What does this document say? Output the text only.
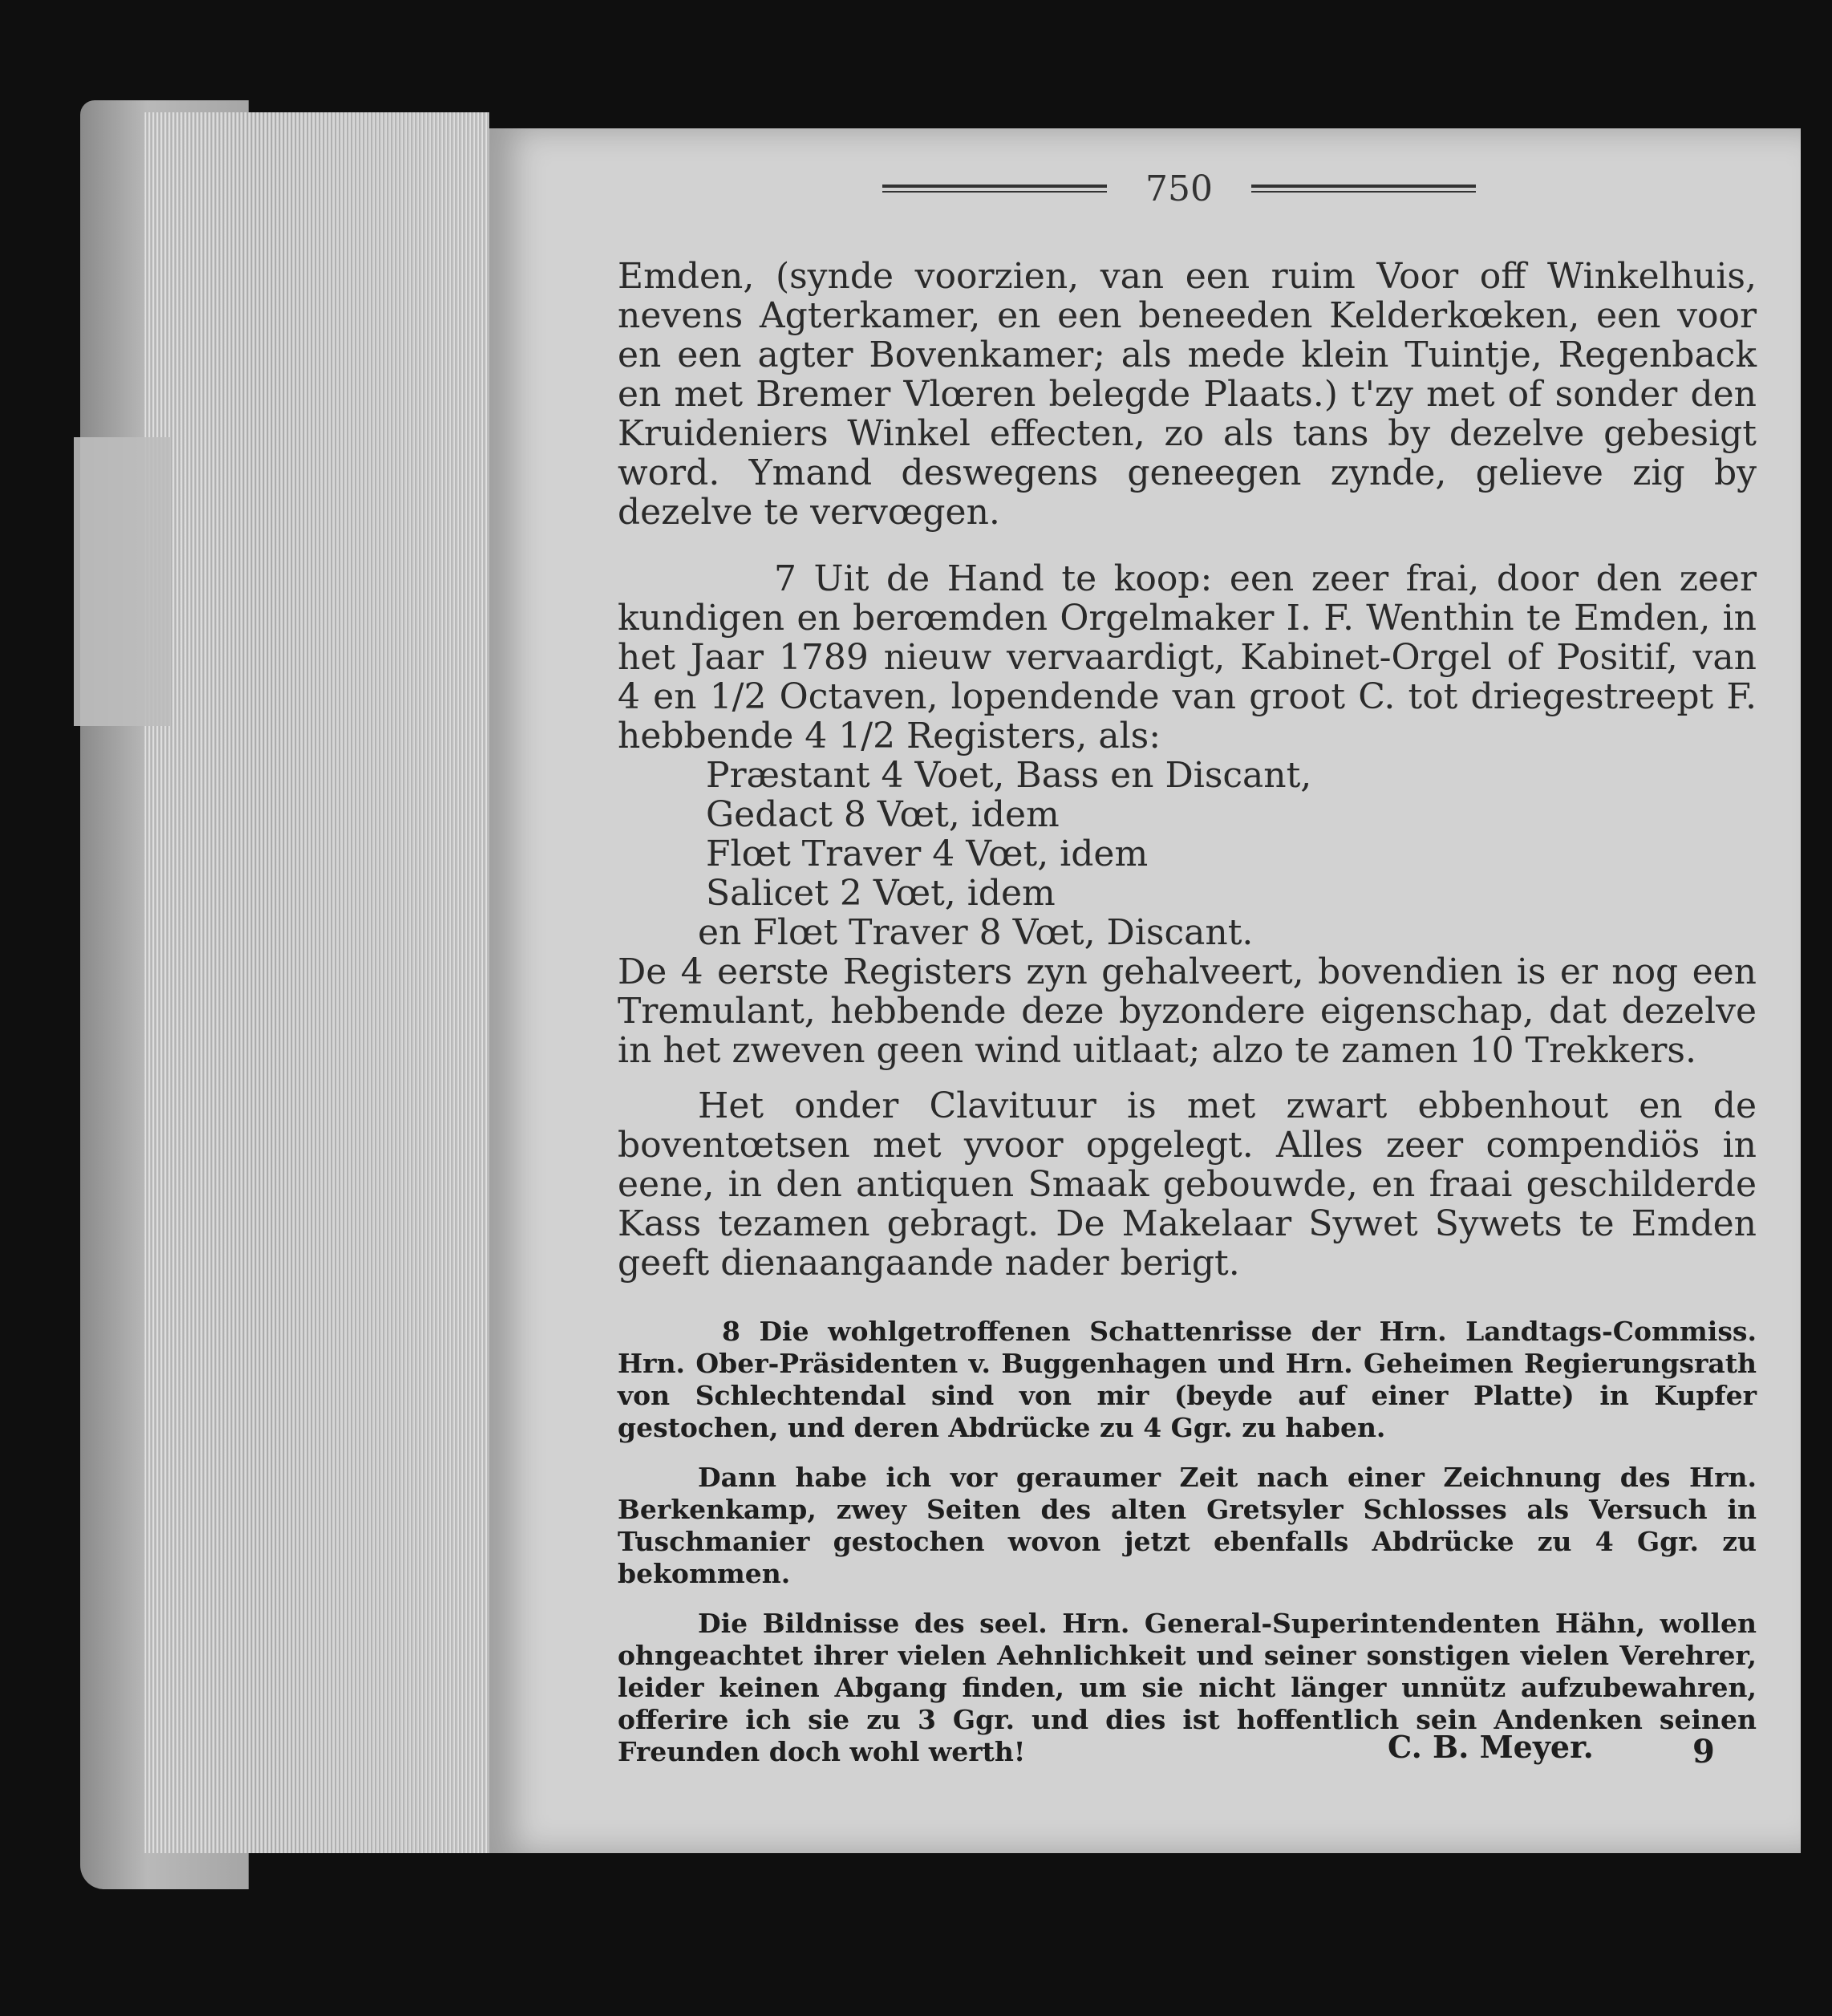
750

Emden, (synde voorzien, van een ruim Voor off Winkelhuis, nevens Agterkamer, en een beneeden Kelderkœken, een voor en een agter Bovenkamer; als mede klein Tuintje, Regenback en met Bremer Vlœren belegde Plaats.) t'zy met of sonder den Kruideniers Winkel effecten, zo als tans by dezelve gebesigt word. Ymand deswegens geneegen zynde, gelieve zig by dezelve te vervœgen.

7 Uit de Hand te koop: een zeer frai, door den zeer kundigen en berœmden Orgelmaker I. F. Wenthin te Emden, in het Jaar 1789 nieuw vervaardigt, Kabinet-Orgel of Positif, van 4 en 1/2 Octaven, lopendende van groot C. tot driegestreept F. hebbende 4 1/2 Registers, als:

Præstant 4 Voet, Bass en Discant,

Gedact 8 Vœt, idem

Flœt Traver 4 Vœt, idem

Salicet 2 Vœt, idem

en Flœt Traver 8 Vœt, Discant.

De 4 eerste Registers zyn gehalveert, bovendien is er nog een Tremulant, hebbende deze byzondere eigenschap, dat dezelve in het zweven geen wind uitlaat; alzo te zamen 10 Trekkers.

Het onder Clavituur is met zwart ebbenhout en de boventœtsen met yvoor opgelegt. Alles zeer compendiös in eene, in den antiquen Smaak gebouwde, en fraai geschilderde Kass tezamen gebragt. De Makelaar Sywet Sywets te Emden geeft dienaangaande nader berigt.

8 Die wohlgetroffenen Schattenrisse der Hrn. Landtags-Commiss. Hrn. Ober-Präsidenten v. Buggenhagen und Hrn. Geheimen Regierungsrath von Schlechtendal sind von mir (beyde auf einer Platte) in Kupfer gestochen, und deren Abdrücke zu 4 Ggr. zu haben.

Dann habe ich vor geraumer Zeit nach einer Zeichnung des Hrn. Berkenkamp, zwey Seiten des alten Gretsyler Schlosses als Versuch in Tuschmanier gestochen wovon jetzt ebenfalls Abdrücke zu 4 Ggr. zu bekommen.

Die Bildnisse des seel. Hrn. General-Superintendenten Hähn, wollen ohngeachtet ihrer vielen Aehnlichkeit und seiner sonstigen vielen Verehrer, leider keinen Abgang finden, um sie nicht länger unnütz aufzubewahren, offerire ich sie zu 3 Ggr. und dies ist hoffentlich sein Andenken seinen Freunden doch wohl werth!	C. B. Meyer.	9
